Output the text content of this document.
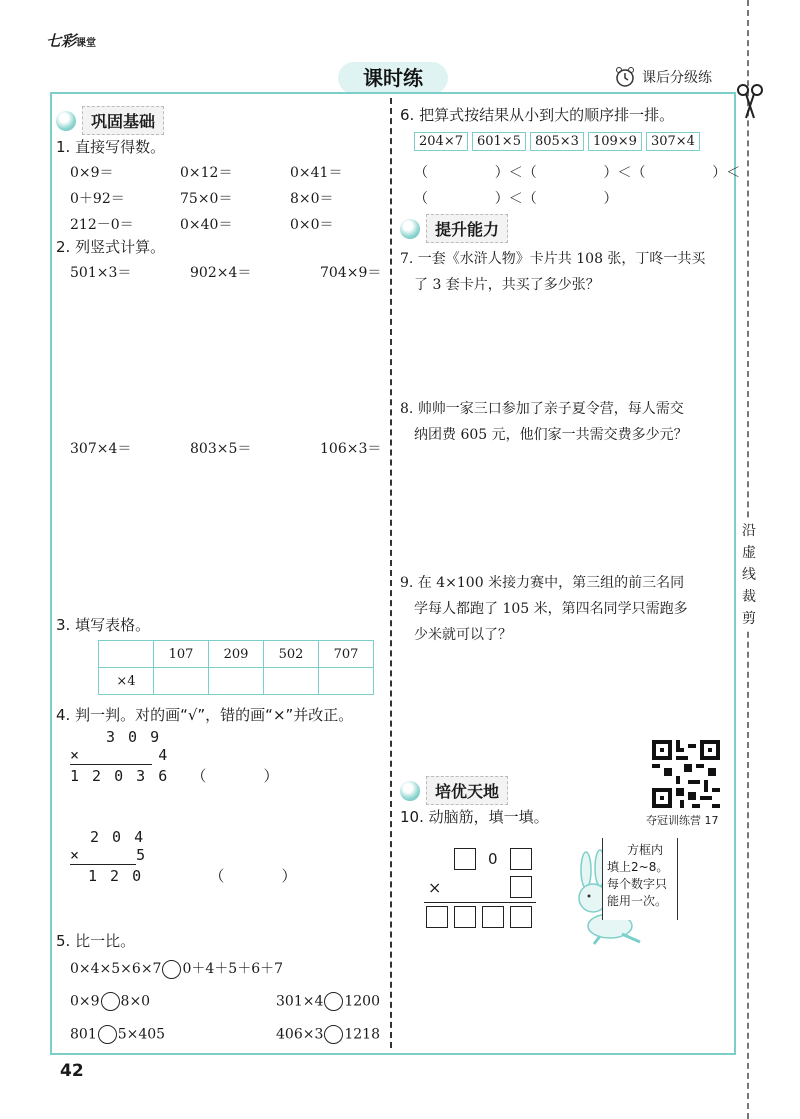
七彩课堂
课时练	课后分级练
沿
虚
线
裁
剪
巩固基础
1. 直接写得数。
0×9＝	0×12＝	0×41＝
0＋92＝	75×0＝	8×0＝
212－0＝	0×40＝	0×0＝
2. 列竖式计算。
501×3＝	902×4＝	704×9＝
307×4＝	803×5＝	106×3＝
3. 填写表格。
	107	209	502	707
×4				
4. 判一判。对的画“√”，错的画“×”并改正。
3 0 9
×       4
1 2 0 3 6 （     ）
2 0 4
×     5
1 2 0	（     ）
5. 比一比。
0×4×5×6×7 0＋4＋5＋6＋7
0×9 8×0	301×4 1200
801 5×405	406×3 1218
42
6. 把算式按结果从小到大的顺序排一排。
204×7 601×5 805×3 109×9 307×4
（               ）＜（               ）＜（               ）＜
（               ）＜（               ）
提升能力
7. 一套《水浒人物》卡片共 108 张，丁咚一共买
了 3 套卡片，共买了多少张？
8. 帅帅一家三口参加了亲子夏令营，每人需交
纳团费 605 元，他们家一共需交费多少元？
9. 在 4×100 米接力赛中，第三组的前三名同
学每人都跑了 105 米，第四名同学只需跑多
少米就可以了？
夺冠训练营 17
培优天地
10. 动脑筋，填一填。
0
×
方框内
填上2~8。
每个数字只
能用一次。
